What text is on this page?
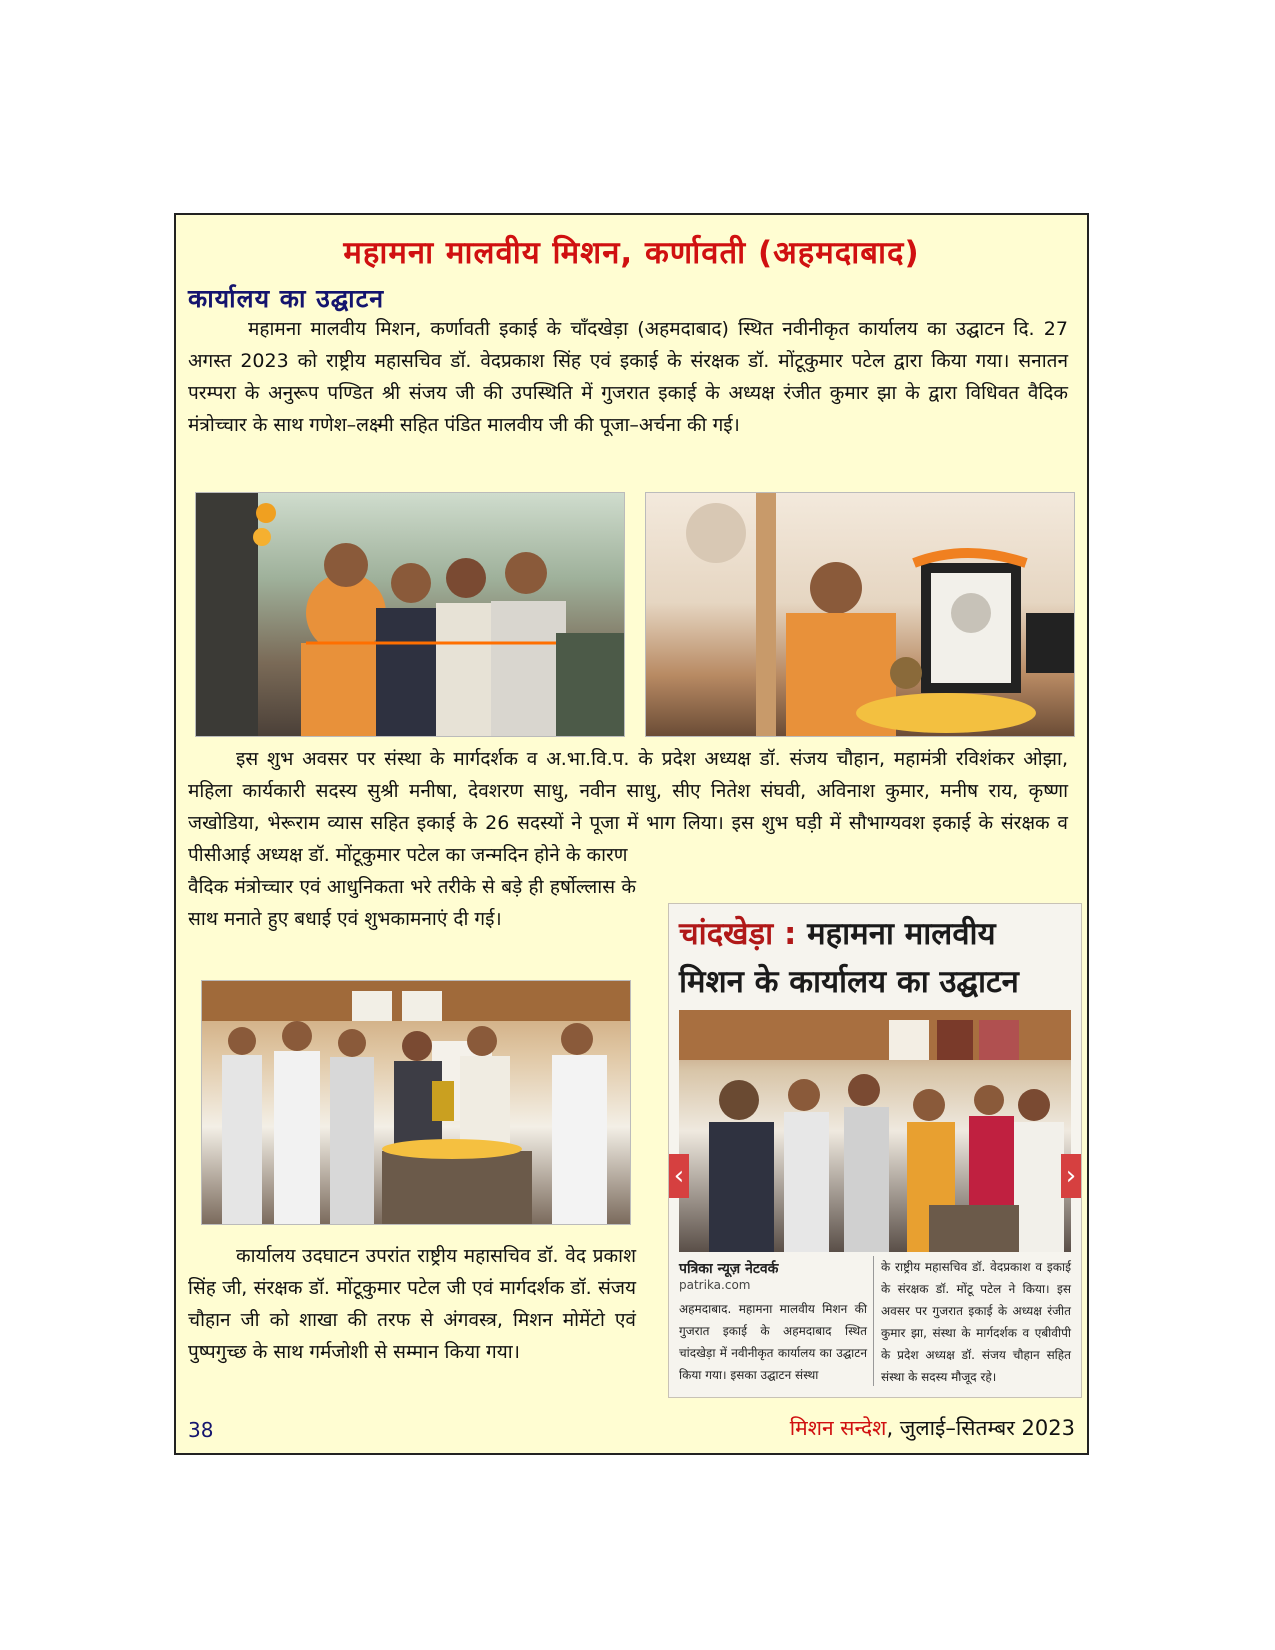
महामना मालवीय मिशन, कर्णावती (अहमदाबाद)
कार्यालय का उद्घाटन
महामना मालवीय मिशन, कर्णावती इकाई के चाँदखेड़ा (अहमदाबाद) स्थित नवीनीकृत कार्यालय का उद्घाटन दि. 27 अगस्त 2023 को राष्ट्रीय महासचिव डॉ. वेदप्रकाश सिंह एवं इकाई के संरक्षक डॉ. मोंटूकुमार पटेल द्वारा किया गया। सनातन परम्परा के अनुरूप पण्डित श्री संजय जी की उपस्थिति में गुजरात इकाई के अध्यक्ष रंजीत कुमार झा के द्वारा विधिवत वैदिक मंत्रोच्चार के साथ गणेश–लक्ष्मी सहित पंडित मालवीय जी की पूजा–अर्चना की गई।
इस शुभ अवसर पर संस्था के मार्गदर्शक व अ.भा.वि.प. के प्रदेश अध्यक्ष डॉ. संजय चौहान, महामंत्री रविशंकर ओझा, महिला कार्यकारी सदस्य सुश्री मनीषा, देवशरण साधु, नवीन साधु, सीए नितेश संघवी, अविनाश कुमार, मनीष राय, कृष्णा जखोडिया, भेरूराम व्यास सहित इकाई के 26 सदस्यों ने पूजा में भाग लिया। इस शुभ घड़ी में सौभाग्यवश इकाई के संरक्षक व पीसीआई अध्यक्ष डॉ. मोंटूकुमार पटेल का जन्मदिन होने के कारण
वैदिक मंत्रोच्चार एवं आधुनिकता भरे तरीके से बड़े ही हर्षोल्लास के साथ मनाते हुए बधाई एवं शुभकामनाएं दी गई।
कार्यालय उदघाटन उपरांत राष्ट्रीय महासचिव डॉ. वेद प्रकाश सिंह जी, संरक्षक डॉ. मोंटूकुमार पटेल जी एवं मार्गदर्शक डॉ. संजय चौहान जी को शाखा की तरफ से अंगवस्त्र, मिशन मोमेंटो एवं पुष्पगुच्छ के साथ गर्मजोशी से सम्मान किया गया।
चांदखेड़ा : महामना मालवीय मिशन के कार्यालय का उद्घाटन
‹	›
पत्रिका न्यूज़ नेटवर्क
patrika.com
अहमदाबाद. महामना मालवीय मिशन की गुजरात इकाई के अहमदाबाद स्थित चांदखेड़ा में नवीनीकृत कार्यालय का उद्घाटन किया गया। इसका उद्घाटन संस्था
के राष्ट्रीय महासचिव डॉ. वेदप्रकाश व इकाई के संरक्षक डॉ. मोंटू पटेल ने किया। इस अवसर पर गुजरात इकाई के अध्यक्ष रंजीत कुमार झा, संस्था के मार्गदर्शक व एबीवीपी के प्रदेश अध्यक्ष डॉ. संजय चौहान सहित संस्था के सदस्य मौजूद रहे।
38	मिशन सन्देश, जुलाई–सितम्बर 2023
